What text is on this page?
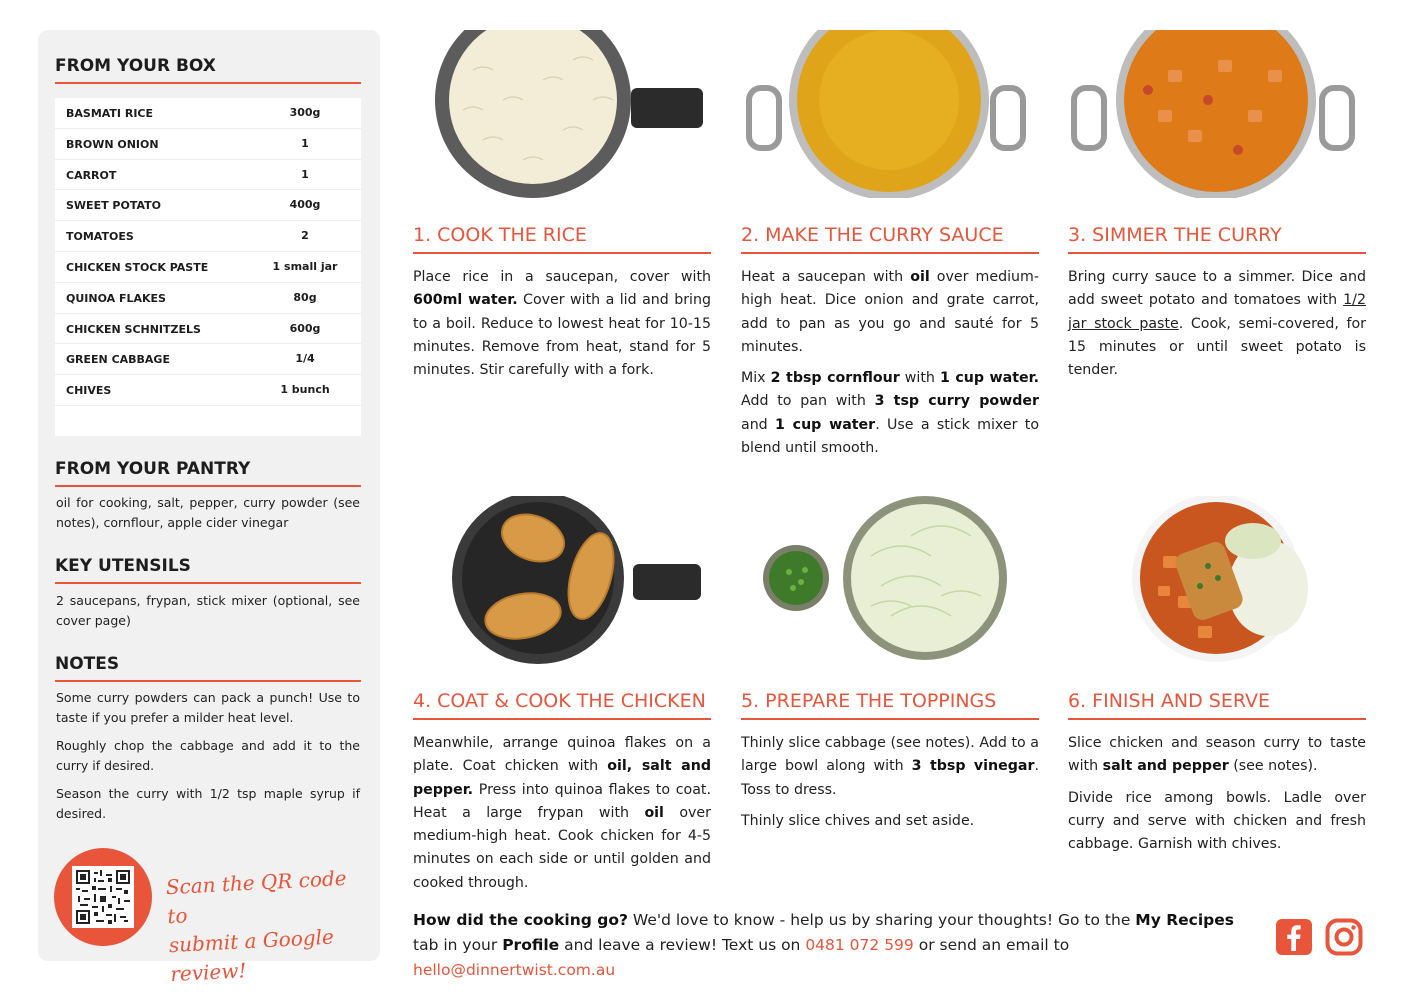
FROM YOUR BOX
BASMATI RICE	300g
BROWN ONION	1
CARROT	1
SWEET POTATO	400g
TOMATOES	2
CHICKEN STOCK PASTE	1 small jar
QUINOA FLAKES	80g
CHICKEN SCHNITZELS	600g
GREEN CABBAGE	1/4
CHIVES	1 bunch
FROM YOUR PANTRY
oil for cooking, salt, pepper, curry powder (see notes), cornflour, apple cider vinegar
KEY UTENSILS
2 saucepans, frypan, stick mixer (optional, see cover page)
NOTES
Some curry powders can pack a punch! Use to taste if you prefer a milder heat level.
Roughly chop the cabbage and add it to the curry if desired.
Season the curry with 1/2 tsp maple syrup if desired.
Scan the QR code to
submit a Google review!
1. COOK THE RICE

Place rice in a saucepan, cover with 600ml water. Cover with a lid and bring to a boil. Reduce to lowest heat for 10-15 minutes. Remove from heat, stand for 5 minutes. Stir carefully with a fork.

2. MAKE THE CURRY SAUCE

Heat a saucepan with oil over medium-high heat. Dice onion and grate carrot, add to pan as you go and sauté for 5 minutes.

Mix 2 tbsp cornflour with 1 cup water. Add to pan with 3 tsp curry powder and 1 cup water. Use a stick mixer to blend until smooth.

3. SIMMER THE CURRY

Bring curry sauce to a simmer. Dice and add sweet potato and tomatoes with 1/2 jar stock paste. Cook, semi-covered, for 15 minutes or until sweet potato is tender.

4. COAT & COOK THE CHICKEN

Meanwhile, arrange quinoa flakes on a plate. Coat chicken with oil, salt and pepper. Press into quinoa flakes to coat. Heat a large frypan with oil over medium-high heat. Cook chicken for 4-5 minutes on each side or until golden and cooked through.

5. PREPARE THE TOPPINGS

Thinly slice cabbage (see notes). Add to a large bowl along with 3 tbsp vinegar. Toss to dress.

Thinly slice chives and set aside.

6. FINISH AND SERVE

Slice chicken and season curry to taste with salt and pepper (see notes).

Divide rice among bowls. Ladle over curry and serve with chicken and fresh cabbage. Garnish with chives.

How did the cooking go? We'd love to know - help us by sharing your thoughts! Go to the My Recipes tab in your Profile and leave a review! Text us on 0481 072 599 or send an email to hello@dinnertwist.com.au
